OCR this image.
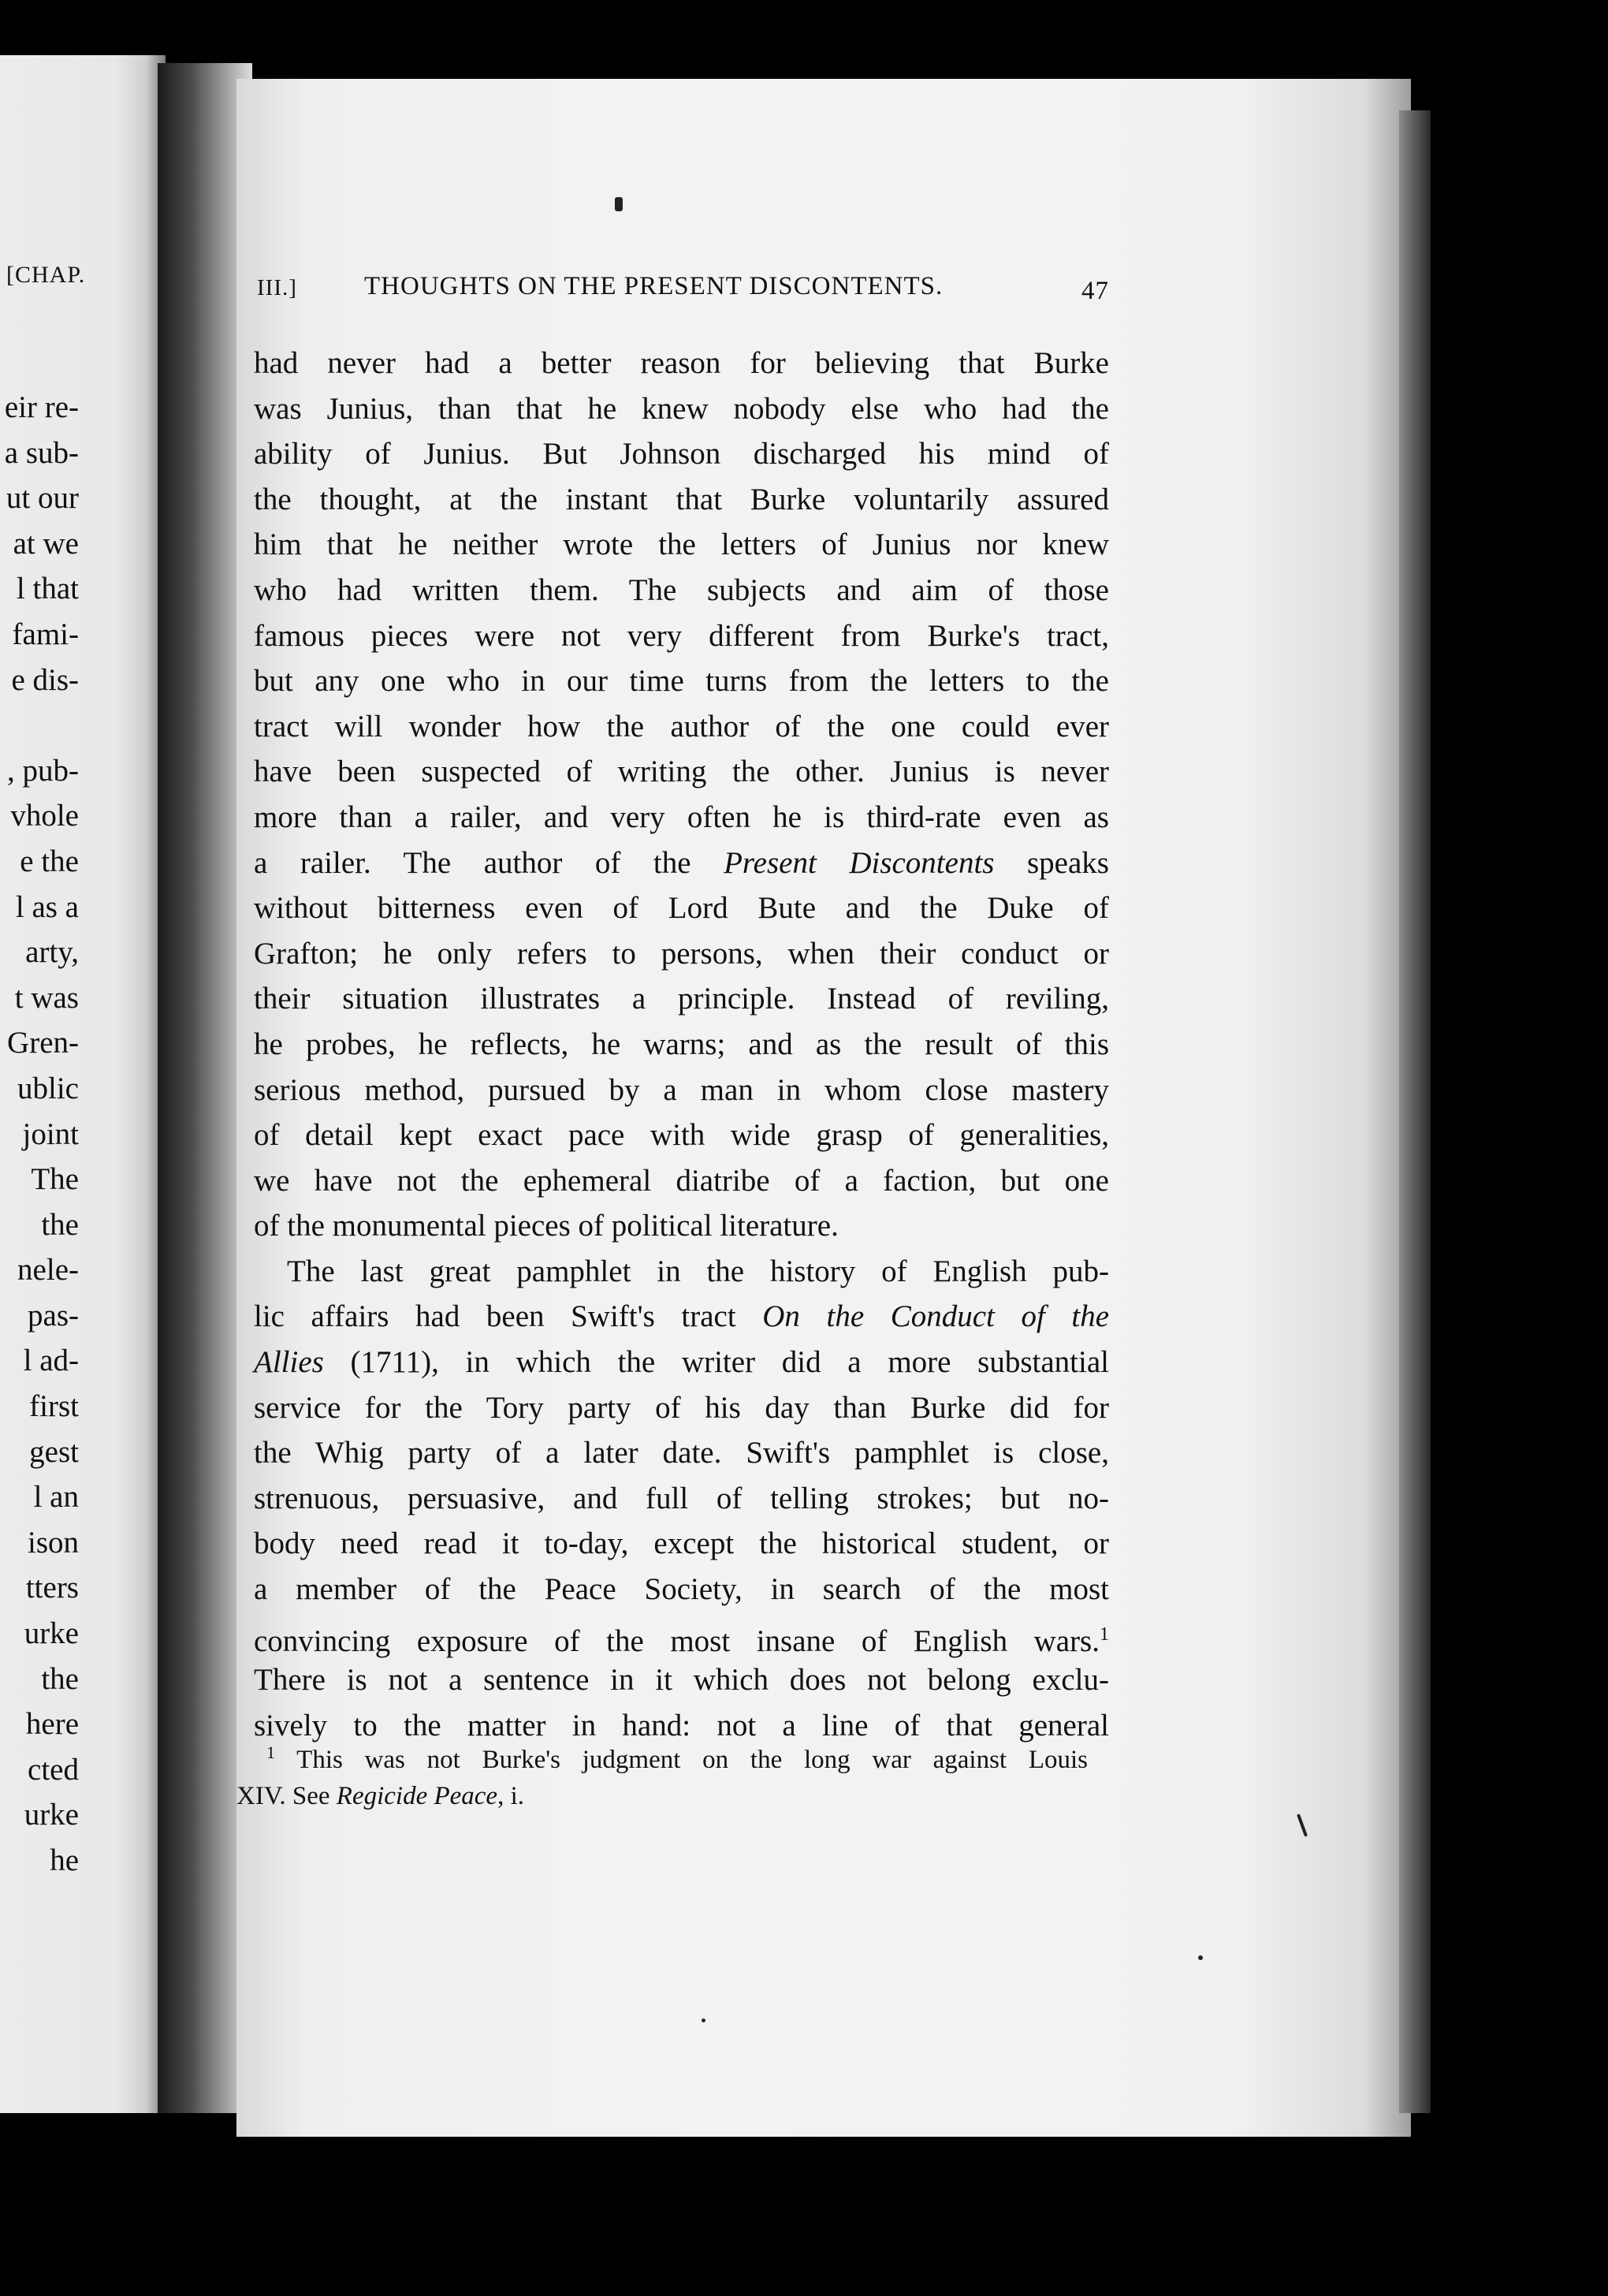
[CHAP.
eir re-
a sub-
ut our
at we
l that
fami-
e dis-

, pub-
vhole
e the
l as a
arty,
t was
Gren-
ublic
joint
The
the
nele-
pas-
l ad-
first
gest
l an
ison
tters
urke
the
here
cted
urke
he
III.]	THOUGHTS ON THE PRESENT DISCONTENTS.	47
had never had a better reason for believing that Burke
was Junius, than that he knew nobody else who had the
ability of Junius. But Johnson discharged his mind of
the thought, at the instant that Burke voluntarily assured
him that he neither wrote the letters of Junius nor knew
who had written them. The subjects and aim of those
famous pieces were not very different from Burke's tract,
but any one who in our time turns from the letters to the
tract will wonder how the author of the one could ever
have been suspected of writing the other. Junius is never
more than a railer, and very often he is third-rate even as
a railer. The author of the Present Discontents speaks
without bitterness even of Lord Bute and the Duke of
Grafton; he only refers to persons, when their conduct or
their situation illustrates a principle. Instead of reviling,
he probes, he reflects, he warns; and as the result of this
serious method, pursued by a man in whom close mastery
of detail kept exact pace with wide grasp of generalities,
we have not the ephemeral diatribe of a faction, but one
of the monumental pieces of political literature.
The last great pamphlet in the history of English pub-
lic affairs had been Swift's tract On the Conduct of the
Allies (1711), in which the writer did a more substantial
service for the Tory party of his day than Burke did for
the Whig party of a later date. Swift's pamphlet is close,
strenuous, persuasive, and full of telling strokes; but no-
body need read it to-day, except the historical student, or
a member of the Peace Society, in search of the most
convincing exposure of the most insane of English wars.$^1$
There is not a sentence in it which does not belong exclu-
sively to the matter in hand: not a line of that general
$^1$ This was not Burke's judgment on the long war against Louis
XIV. See Regicide Peace, i.
